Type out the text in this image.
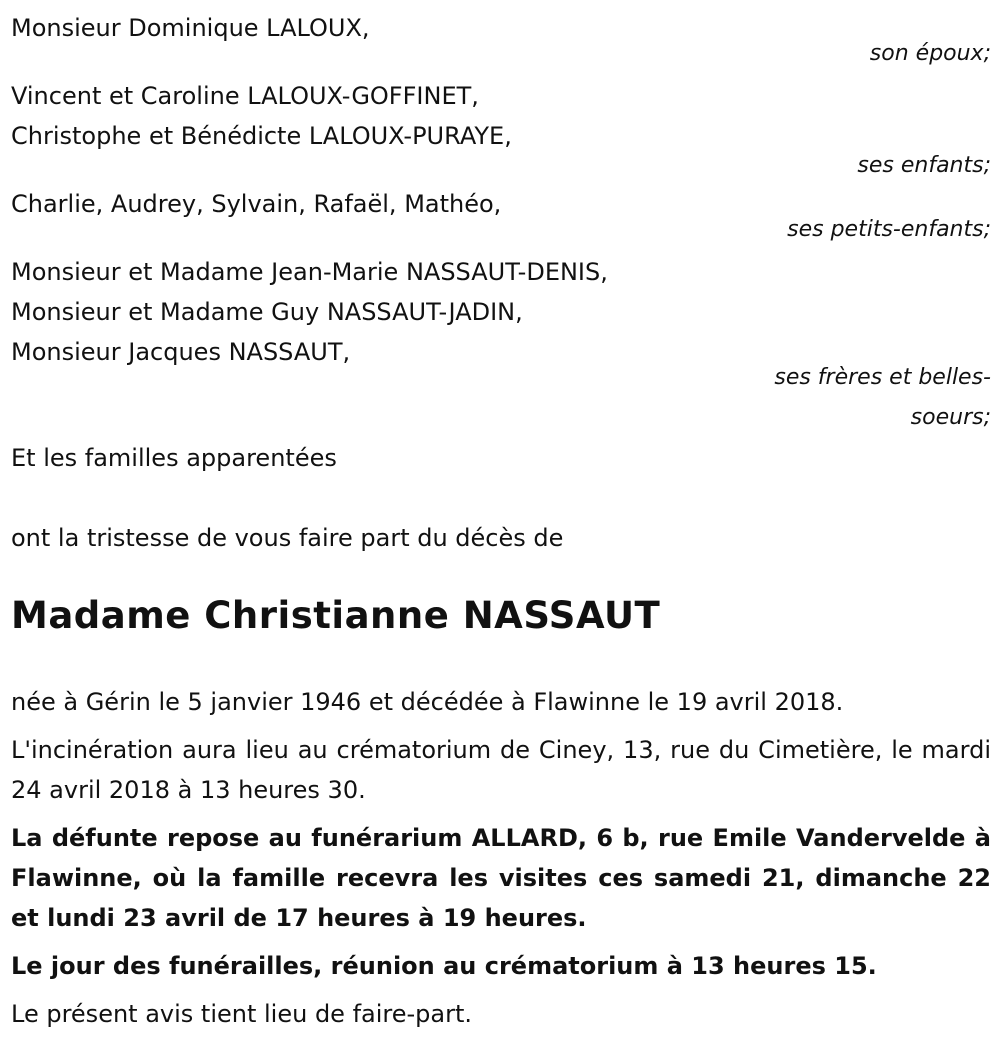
Monsieur Dominique LALOUX,
son époux;
Vincent et Caroline LALOUX-GOFFINET,
Christophe et Bénédicte LALOUX-PURAYE,
ses enfants;
Charlie, Audrey, Sylvain, Rafaël, Mathéo,
ses petits-enfants;
Monsieur et Madame Jean-Marie NASSAUT-DENIS,
Monsieur et Madame Guy NASSAUT-JADIN,
Monsieur Jacques NASSAUT,
ses frères et belles-
soeurs;
Et les familles apparentées
ont la tristesse de vous faire part du décès de
Madame Christianne NASSAUT
née à Gérin le 5 janvier 1946 et décédée à Flawinne le 19 avril 2018.
L'incinération aura lieu au crématorium de Ciney, 13, rue du Cimetière, le mardi 24 avril 2018 à 13 heures 30.
La défunte repose au funérarium ALLARD, 6 b, rue Emile Vandervelde à Flawinne, où la famille recevra les visites ces samedi 21, dimanche 22 et lundi 23 avril de 17 heures à 19 heures.
Le jour des funérailles, réunion au crématorium à 13 heures 15.
Le présent avis tient lieu de faire-part.
